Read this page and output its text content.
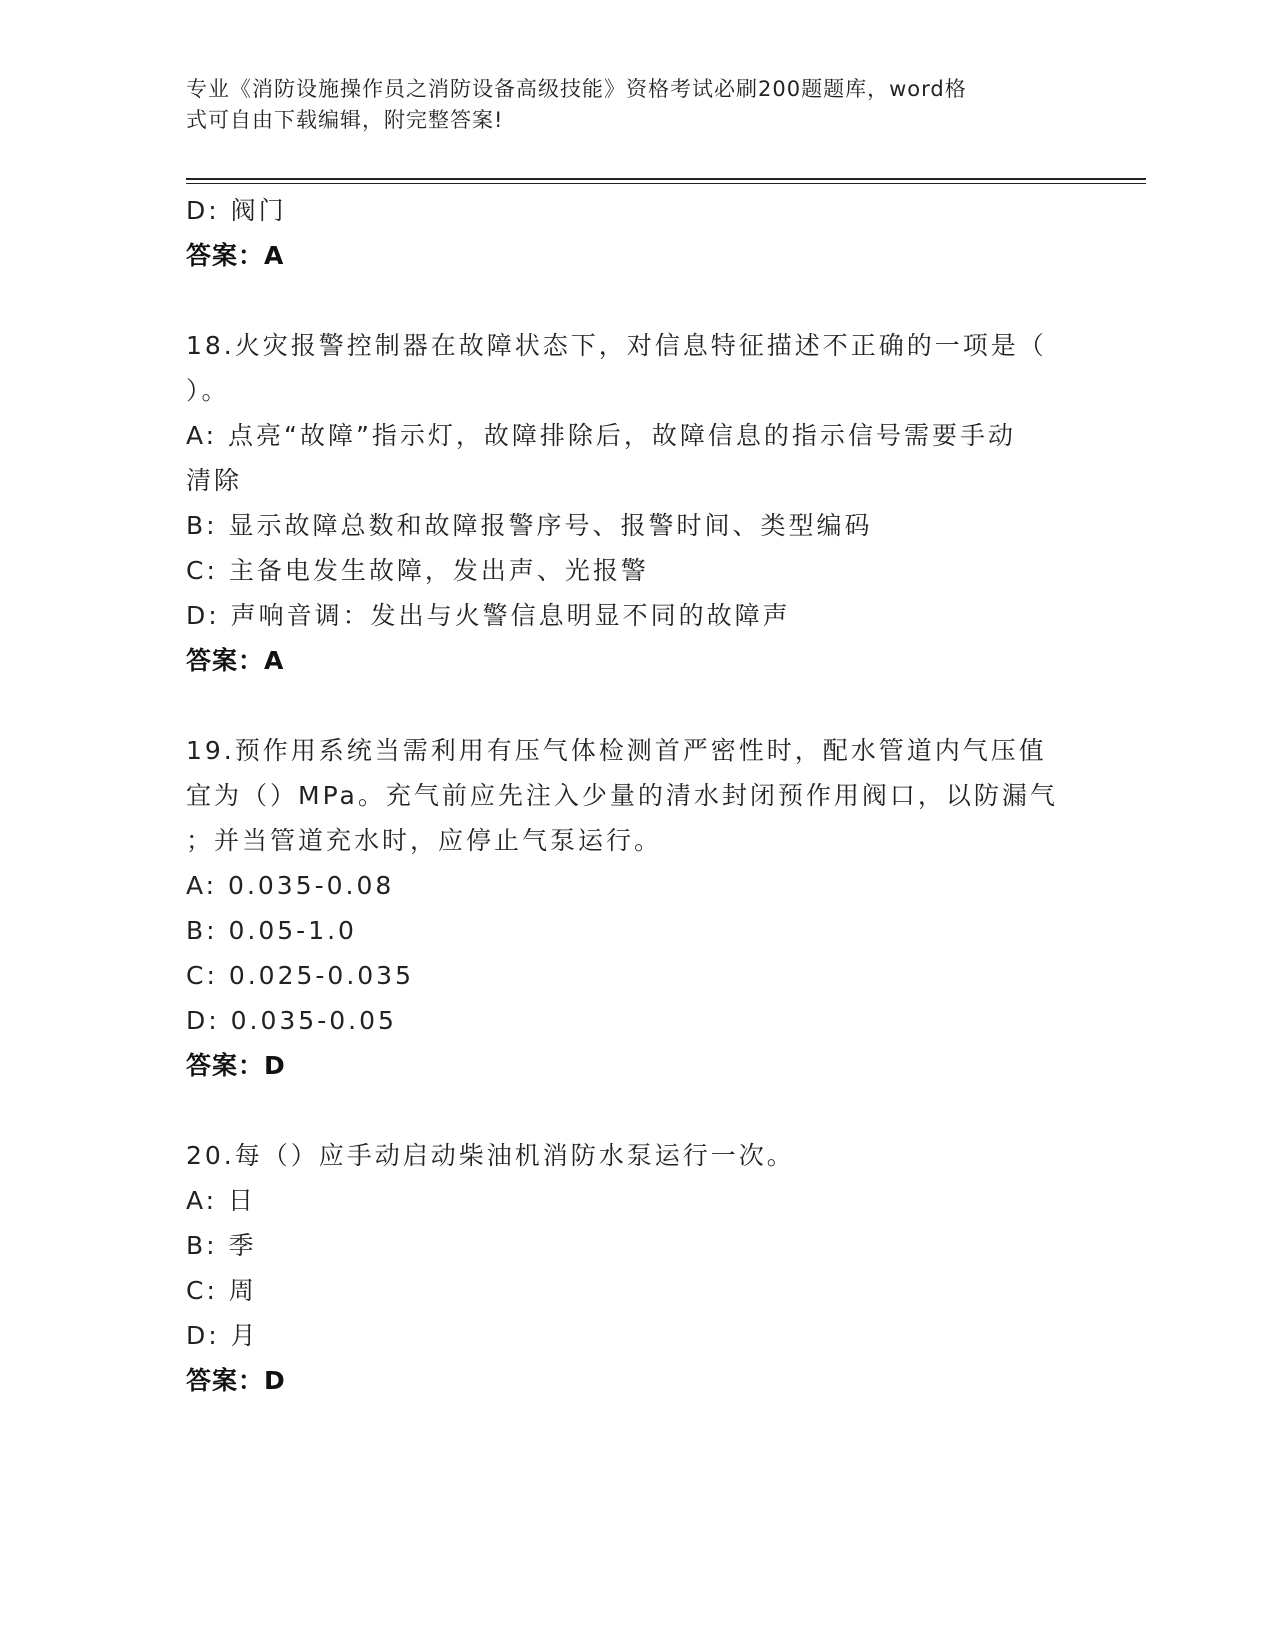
专业《消防设施操作员之消防设备高级技能》资格考试必刷200题题库，word格
式可自由下载编辑，附完整答案!
D: 阀门
答案：A
18.火灾报警控制器在故障状态下，对信息特征描述不正确的一项是（
）。
A: 点亮“故障”指示灯，故障排除后，故障信息的指示信号需要手动
清除
B: 显示故障总数和故障报警序号、报警时间、类型编码
C: 主备电发生故障，发出声、光报警
D: 声响音调：发出与火警信息明显不同的故障声
答案：A
19.预作用系统当需利用有压气体检测首严密性时，配水管道内气压值
宜为（）MPa。充气前应先注入少量的清水封闭预作用阀口，以防漏气
；并当管道充水时，应停止气泵运行。
A: 0.035-0.08
B: 0.05-1.0
C: 0.025-0.035
D: 0.035-0.05
答案：D
20.每（）应手动启动柴油机消防水泵运行一次。
A: 日
B: 季
C: 周
D: 月
答案：D
